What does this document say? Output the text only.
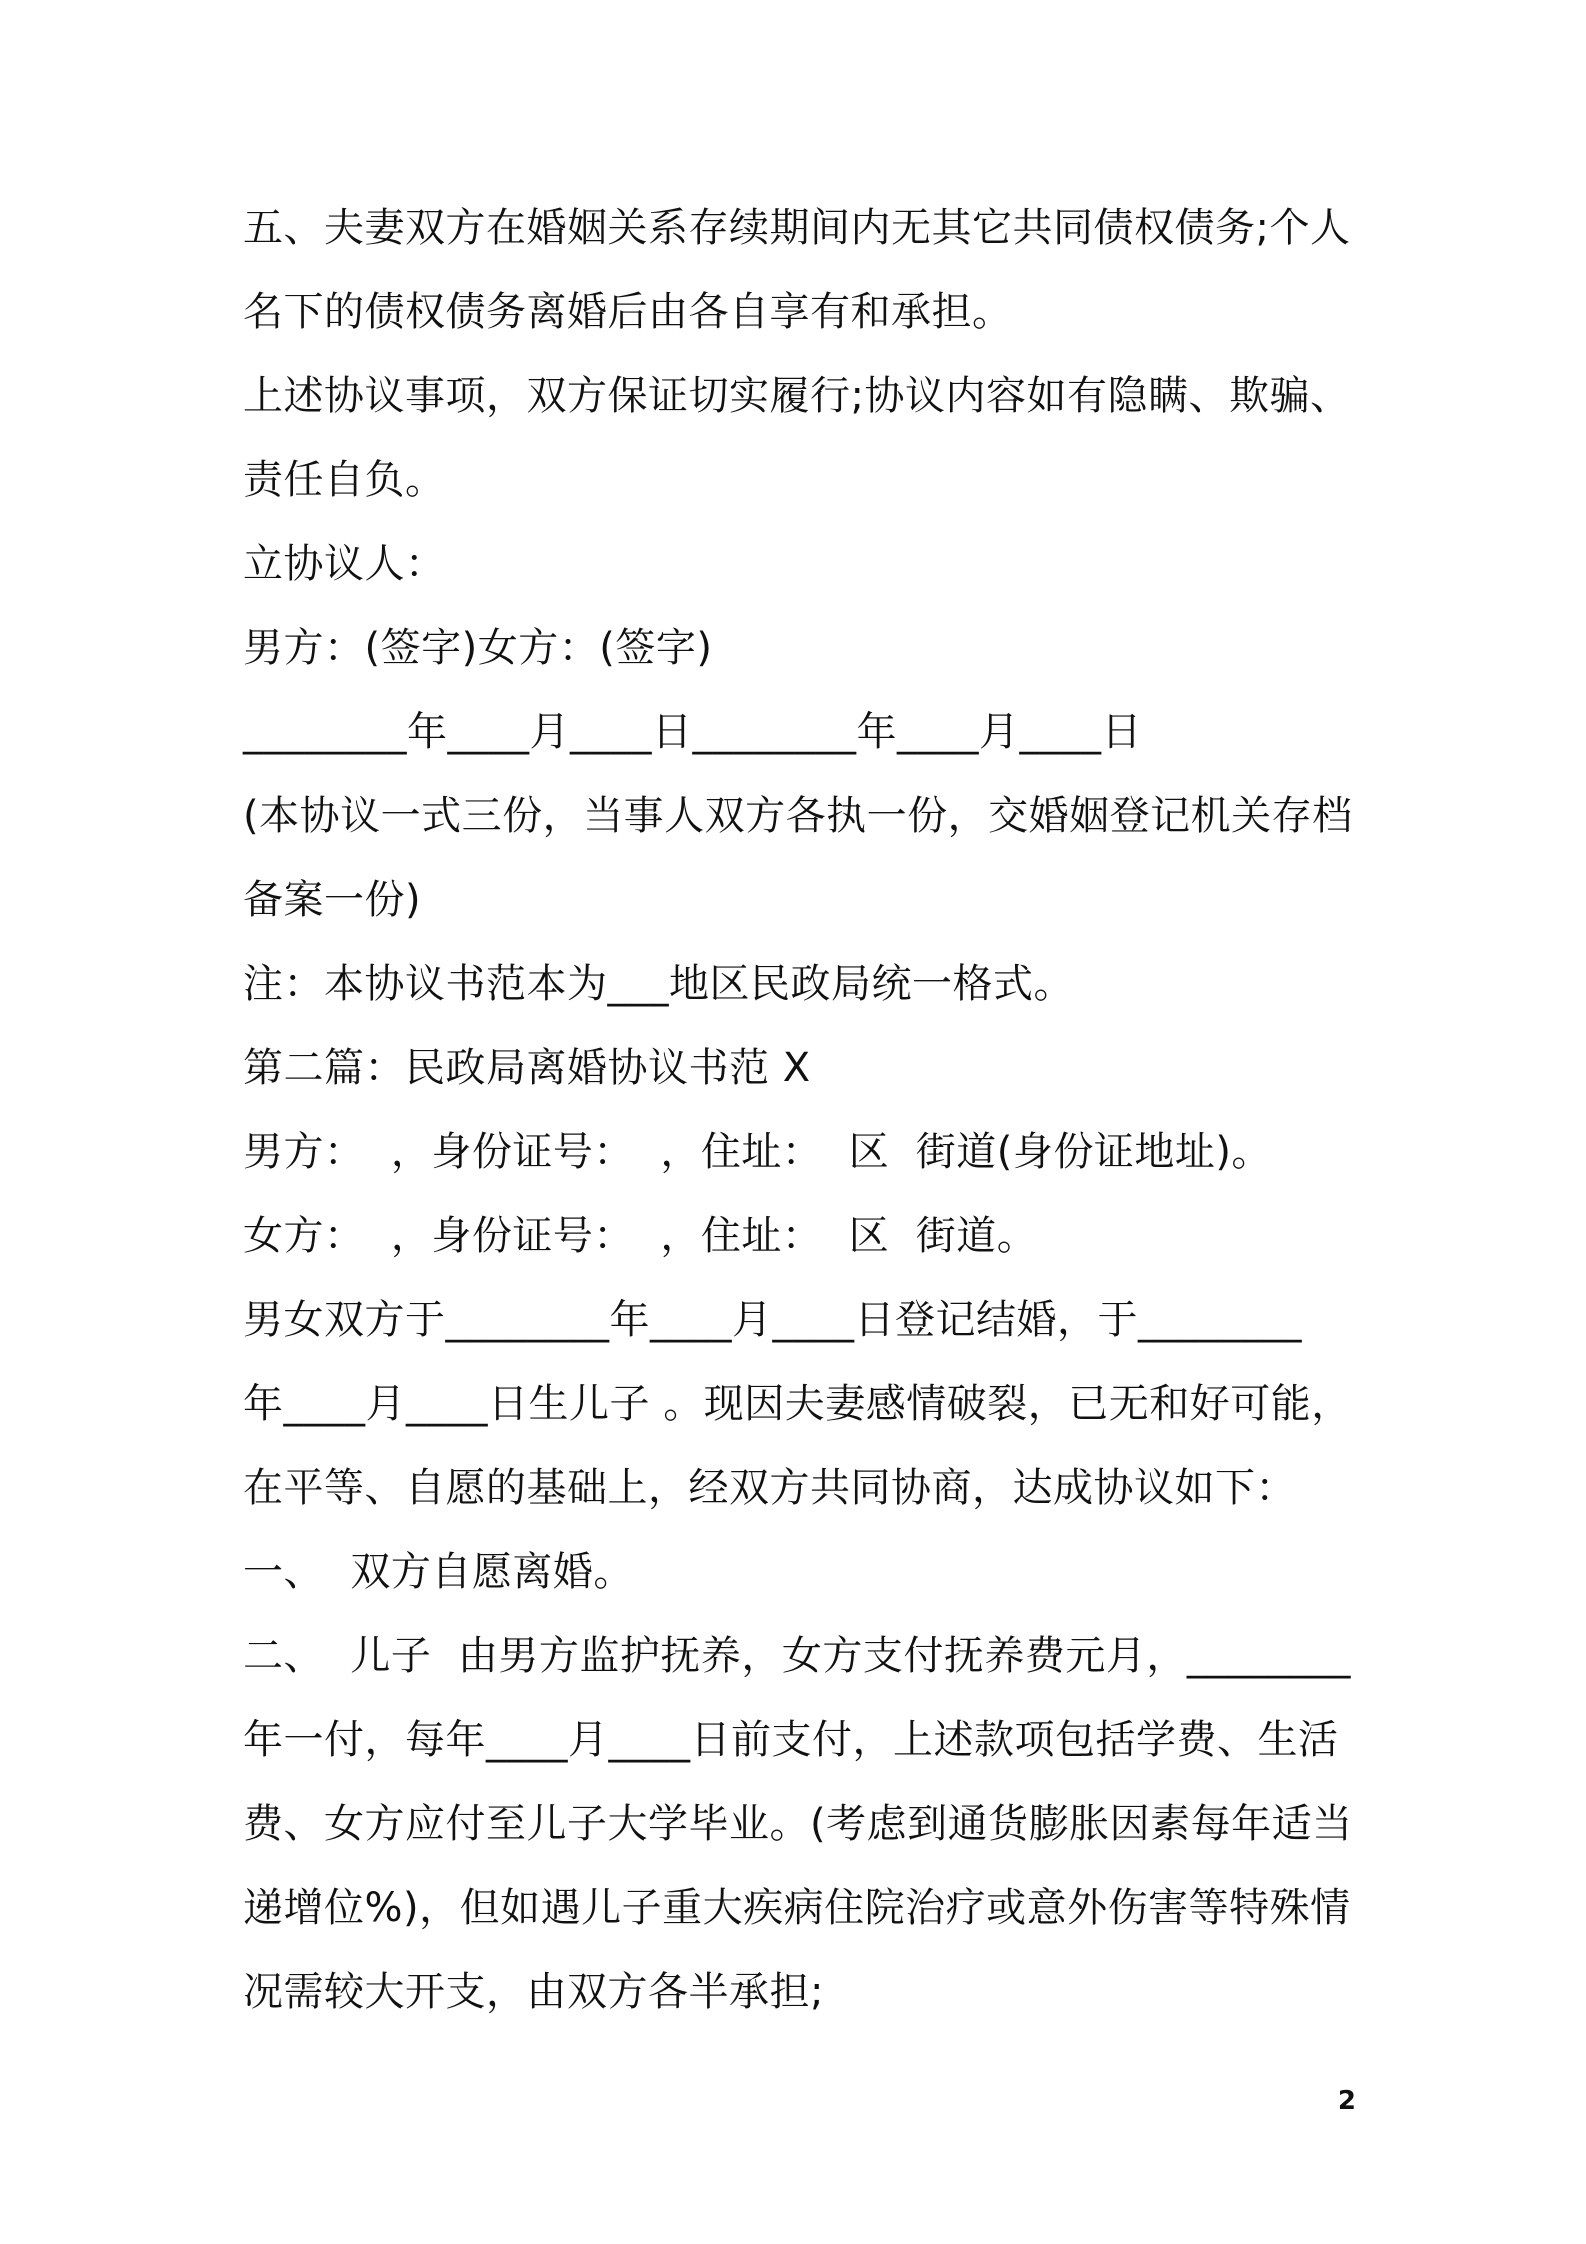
五、夫妻双方在婚姻关系存续期间内无其它共同债权债务;个人
名下的债权债务离婚后由各自享有和承担。
上述协议事项，双方保证切实履行;协议内容如有隐瞒、欺骗、
责任自负。
立协议人：
男方：(签字)女方：(签字)
________年____月____日________年____月____日
(本协议一式三份，当事人双方各执一份，交婚姻登记机关存档
备案一份)
注：本协议书范本为___地区民政局统一格式。
第二篇：民政局离婚协议书范 X
男方：  ，身份证号：  ，住址：  区  街道(身份证地址)。
女方：  ，身份证号：  ，住址：  区  街道。
男女双方于________年____月____日登记结婚，于________
年____月____日生儿子 。现因夫妻感情破裂，已无和好可能，
在平等、自愿的基础上，经双方共同协商，达成协议如下：
一、  双方自愿离婚。
二、  儿子  由男方监护抚养，女方支付抚养费元月，________
年一付，每年____月____日前支付，上述款项包括学费、生活
费、女方应付至儿子大学毕业。(考虑到通货膨胀因素每年适当
递增位%)，但如遇儿子重大疾病住院治疗或意外伤害等特殊情
况需较大开支，由双方各半承担;
2
